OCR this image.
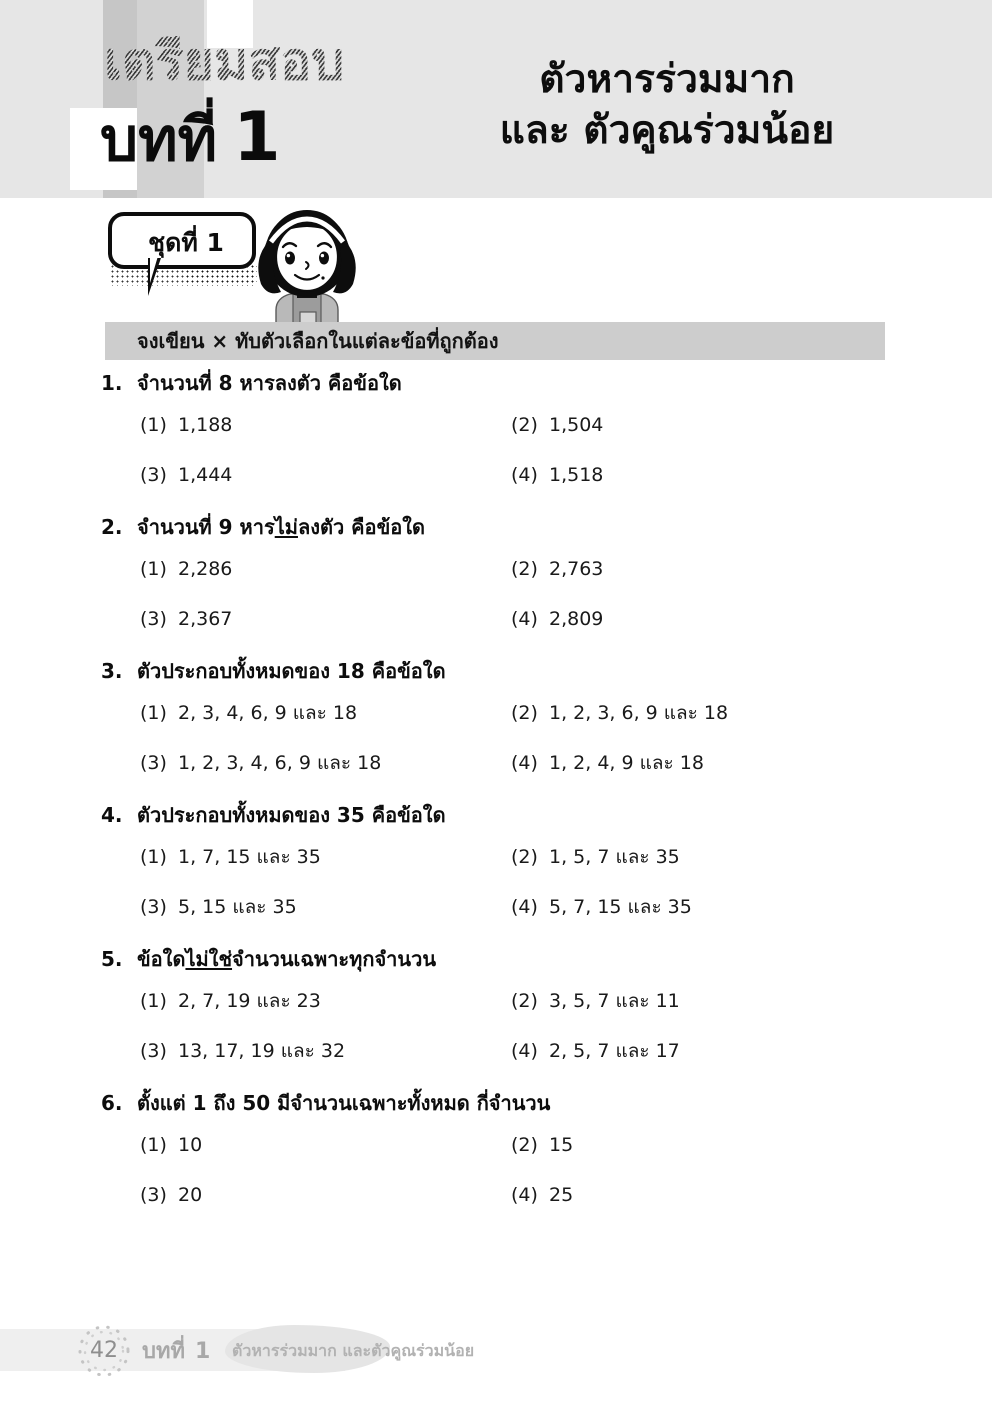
เตรียมสอบ
บทที่ 1
ตัวหารร่วมมาก
และ ตัวคูณร่วมน้อย
ชุดที่ 1
จงเขียน × ทับตัวเลือกในแต่ละข้อที่ถูกต้อง
1. จำนวนที่ 8 หารลงตัว คือข้อใด
(1) 1,188	(2) 1,504
(3) 1,444	(4) 1,518
2. จำนวนที่ 9 หารไม่ลงตัว คือข้อใด
(1) 2,286	(2) 2,763
(3) 2,367	(4) 2,809
3. ตัวประกอบทั้งหมดของ 18 คือข้อใด
(1) 2, 3, 4, 6, 9 และ 18	(2) 1, 2, 3, 6, 9 และ 18
(3) 1, 2, 3, 4, 6, 9 และ 18	(4) 1, 2, 4, 9 และ 18
4. ตัวประกอบทั้งหมดของ 35 คือข้อใด
(1) 1, 7, 15 และ 35	(2) 1, 5, 7 และ 35
(3) 5, 15 และ 35	(4) 5, 7, 15 และ 35
5. ข้อใดไม่ใช่จำนวนเฉพาะทุกจำนวน
(1) 2, 7, 19 และ 23	(2) 3, 5, 7 และ 11
(3) 13, 17, 19 และ 32	(4) 2, 5, 7 และ 17
6. ตั้งแต่ 1 ถึง 50 มีจำนวนเฉพาะทั้งหมด กี่จำนวน
(1) 10	(2) 15
(3) 20	(4) 25
42	บทที่ 1	ตัวหารร่วมมาก และตัวคูณร่วมน้อย
